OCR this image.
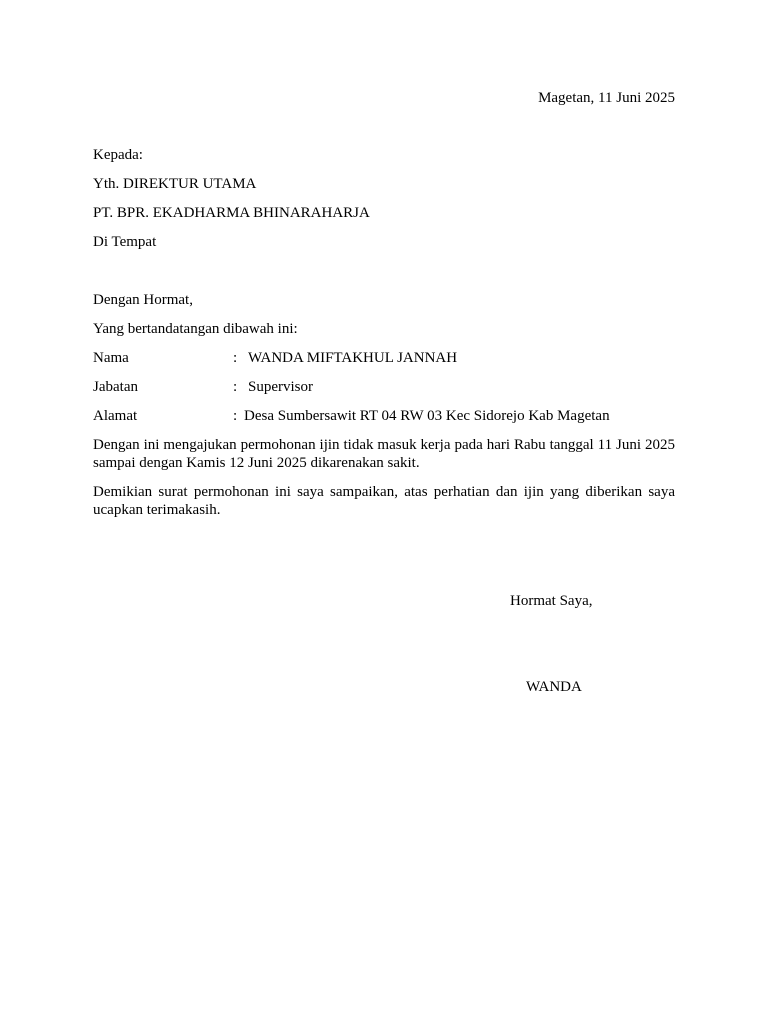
Magetan, 11 Juni 2025
Kepada:
Yth. DIREKTUR UTAMA
PT. BPR. EKADHARMA BHINARAHARJA
Di Tempat
Dengan Hormat,
Yang bertandatangan dibawah ini:
Nama	: WANDA MIFTAKHUL JANNAH
Jabatan	: Supervisor
Alamat	: Desa Sumbersawit RT 04 RW 03 Kec Sidorejo Kab Magetan
Dengan ini mengajukan permohonan ijin tidak masuk kerja pada hari Rabu tanggal 11 Juni 2025 sampai dengan Kamis 12 Juni 2025 dikarenakan sakit.
Demikian surat permohonan ini saya sampaikan, atas perhatian dan ijin yang diberikan saya ucapkan terimakasih.
Hormat Saya,
WANDA
